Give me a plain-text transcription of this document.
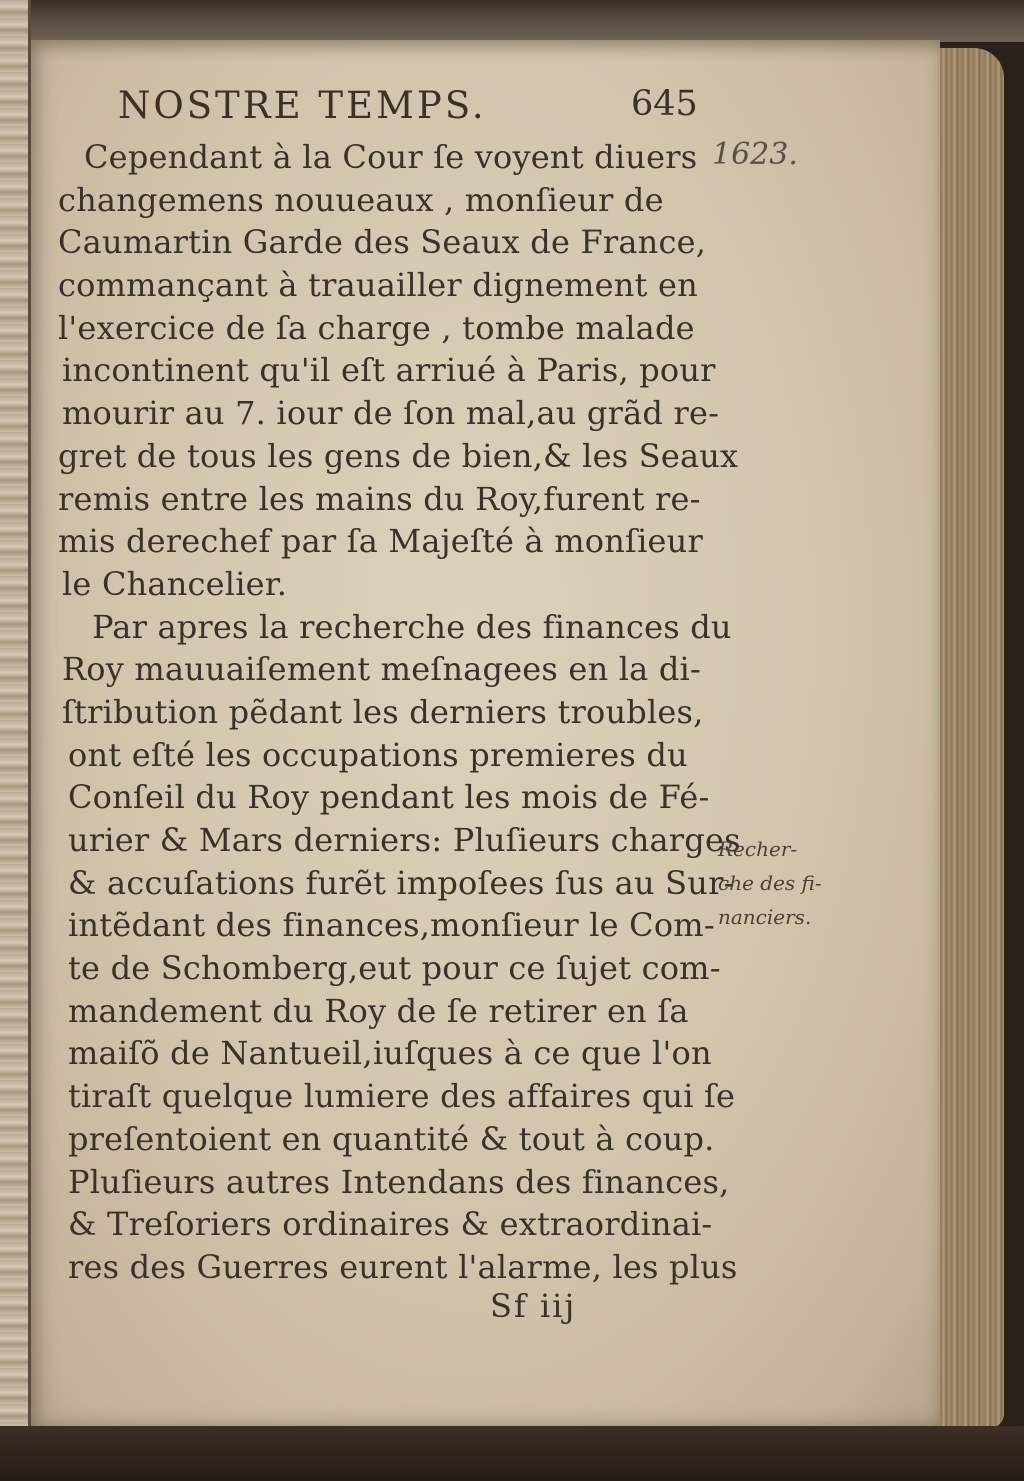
NOSTRE TEMPS.	645
1623.
Cependant à la Cour ſe voyent diuers
changemens nouueaux , monſieur de
Caumartin Garde des Seaux de France,
commançant à trauailler dignement en
l'exercice de ſa charge , tombe malade
incontinent qu'il eſt arriué à Paris, pour
mourir au 7. iour de ſon mal,au grãd re-
gret de tous les gens de bien,& les Seaux
remis entre les mains du Roy,furent re-
mis derechef par ſa Majeſté à monſieur
le Chancelier.
Par apres la recherche des finances du
Roy mauuaiſement meſnagees en la di-
ſtribution pẽdant les derniers troubles,
ont eſté les occupations premieres du
Conſeil du Roy pendant les mois de Fé-
urier & Mars derniers: Pluſieurs charges
& accuſations furẽt impoſees ſus au Sur-
intẽdant des finances,monſieur le Com-
te de Schomberg,eut pour ce ſujet com-
mandement du Roy de ſe retirer en ſa
maiſõ de Nantueil,iuſques à ce que l'on
tiraſt quelque lumiere des affaires qui ſe
preſentoient en quantité & tout à coup.
Pluſieurs autres Intendans des finances,
& Treſoriers ordinaires & extraordinai-
res des Guerres eurent l'alarme, les plus
Recher-
che des fi-
nanciers.
Sf iij
